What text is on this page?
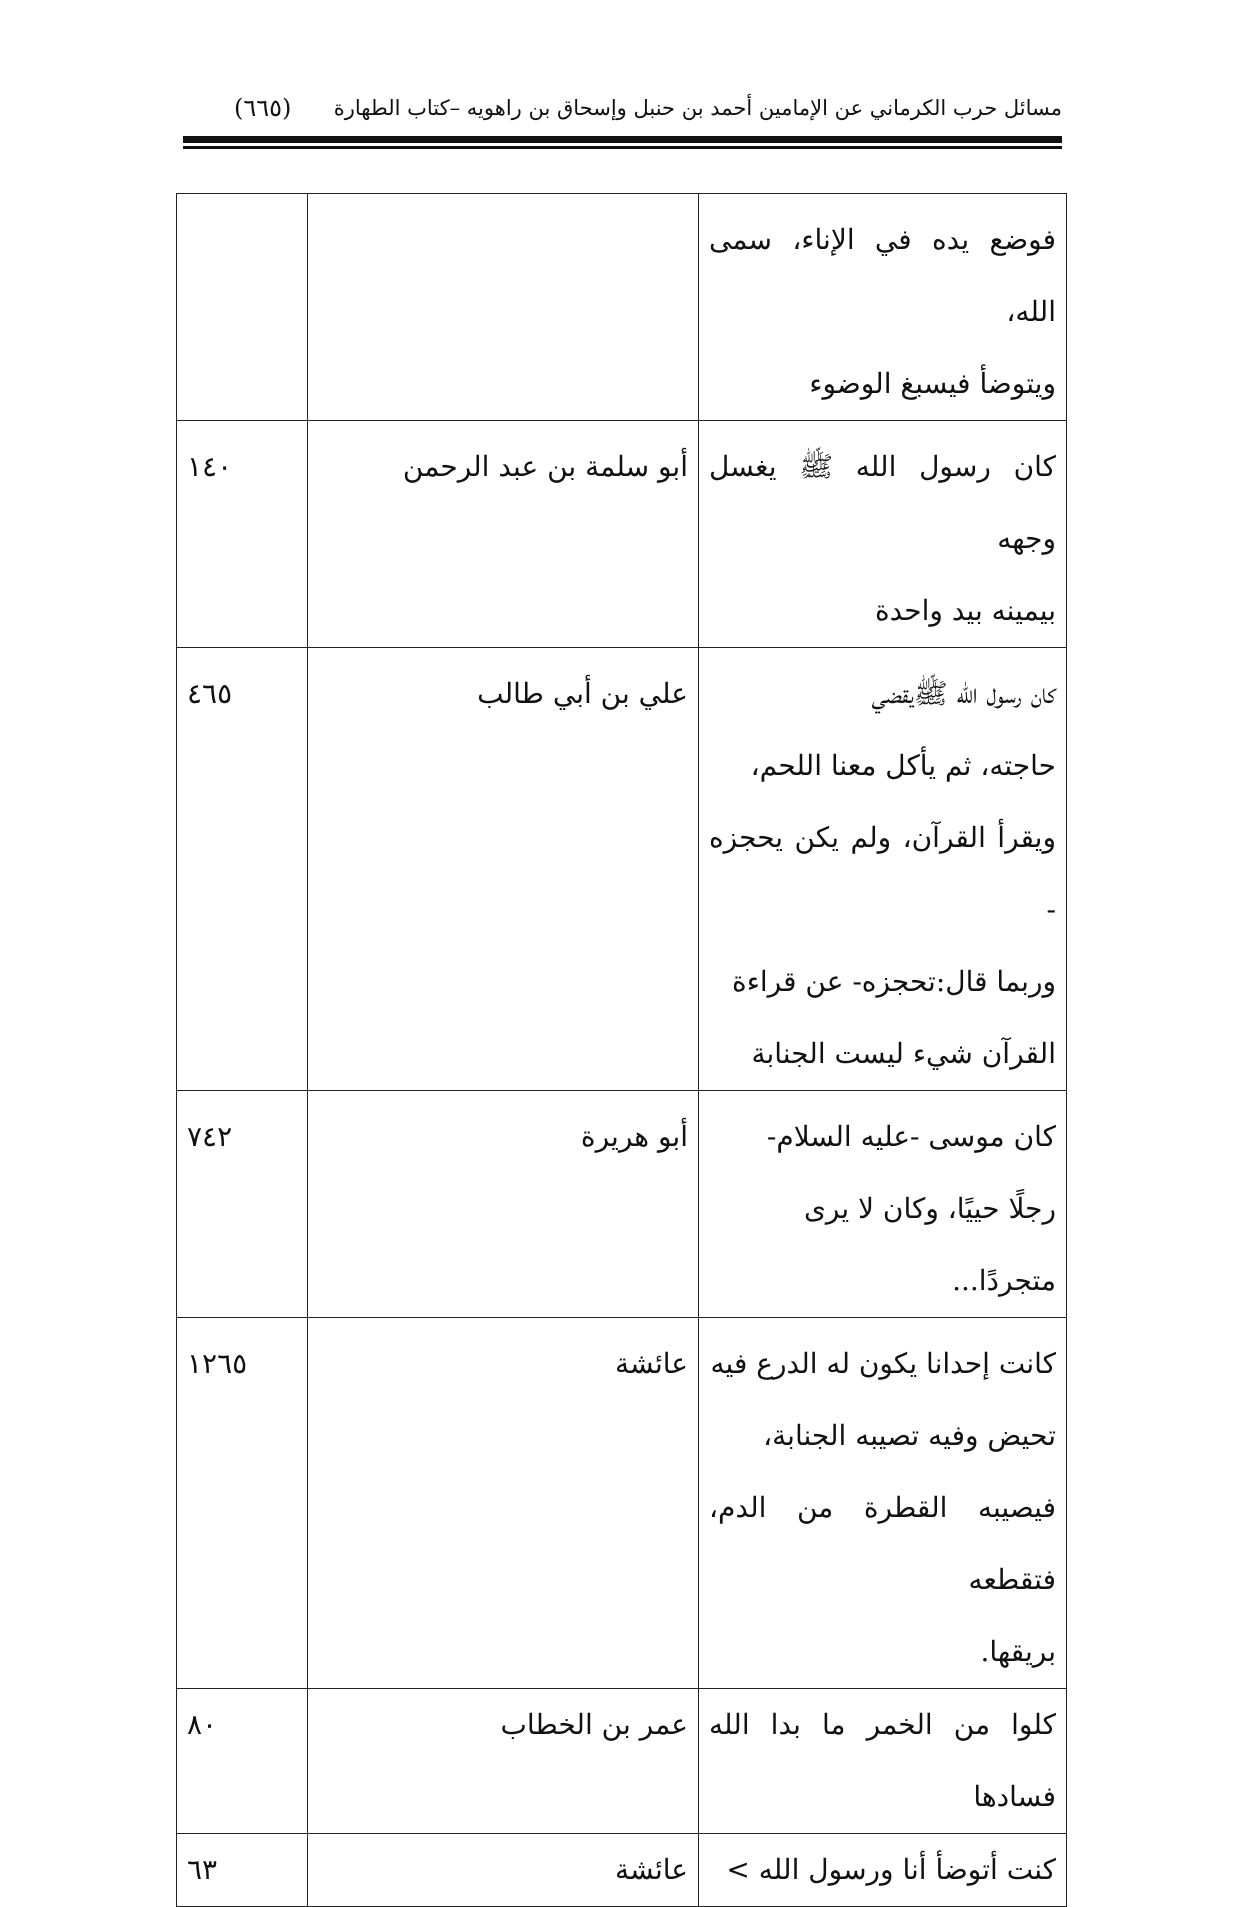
مسائل حرب الكرماني عن الإمامين أحمد بن حنبل وإسحاق بن راهويه –كتاب الطهارة
(٦٦٥)
فوضع يده في الإناء، سمى الله،
ويتوضأ فيسبغ الوضوء		

كان رسول الله ﷺ يغسل وجهه
بيمينه بيد واحدة	أبو سلمة بن عبد الرحمن	١٤٠

كان رسول الله ﷺيقضي
حاجته، ثم يأكل معنا اللحم،
ويقرأ القرآن، ولم يكن يحجزه -
وربما قال:تحجزه- عن قراءة
القرآن شيء ليست الجنابة	علي بن أبي طالب	٤٦٥

كان موسى -عليه السلام-
رجلًا حييًا، وكان لا يرى
متجردًا...	أبو هريرة	٧٤٢

كانت إحدانا يكون له الدرع فيه
تحيض وفيه تصيبه الجنابة،
فيصيبه القطرة من الدم، فتقطعه
بريقها.	عائشة	١٢٦٥

كلوا من الخمر ما بدا الله فسادها	عمر بن الخطاب	٨٠

كنت أتوضأ أنا ورسول الله >	عائشة	٦٣
